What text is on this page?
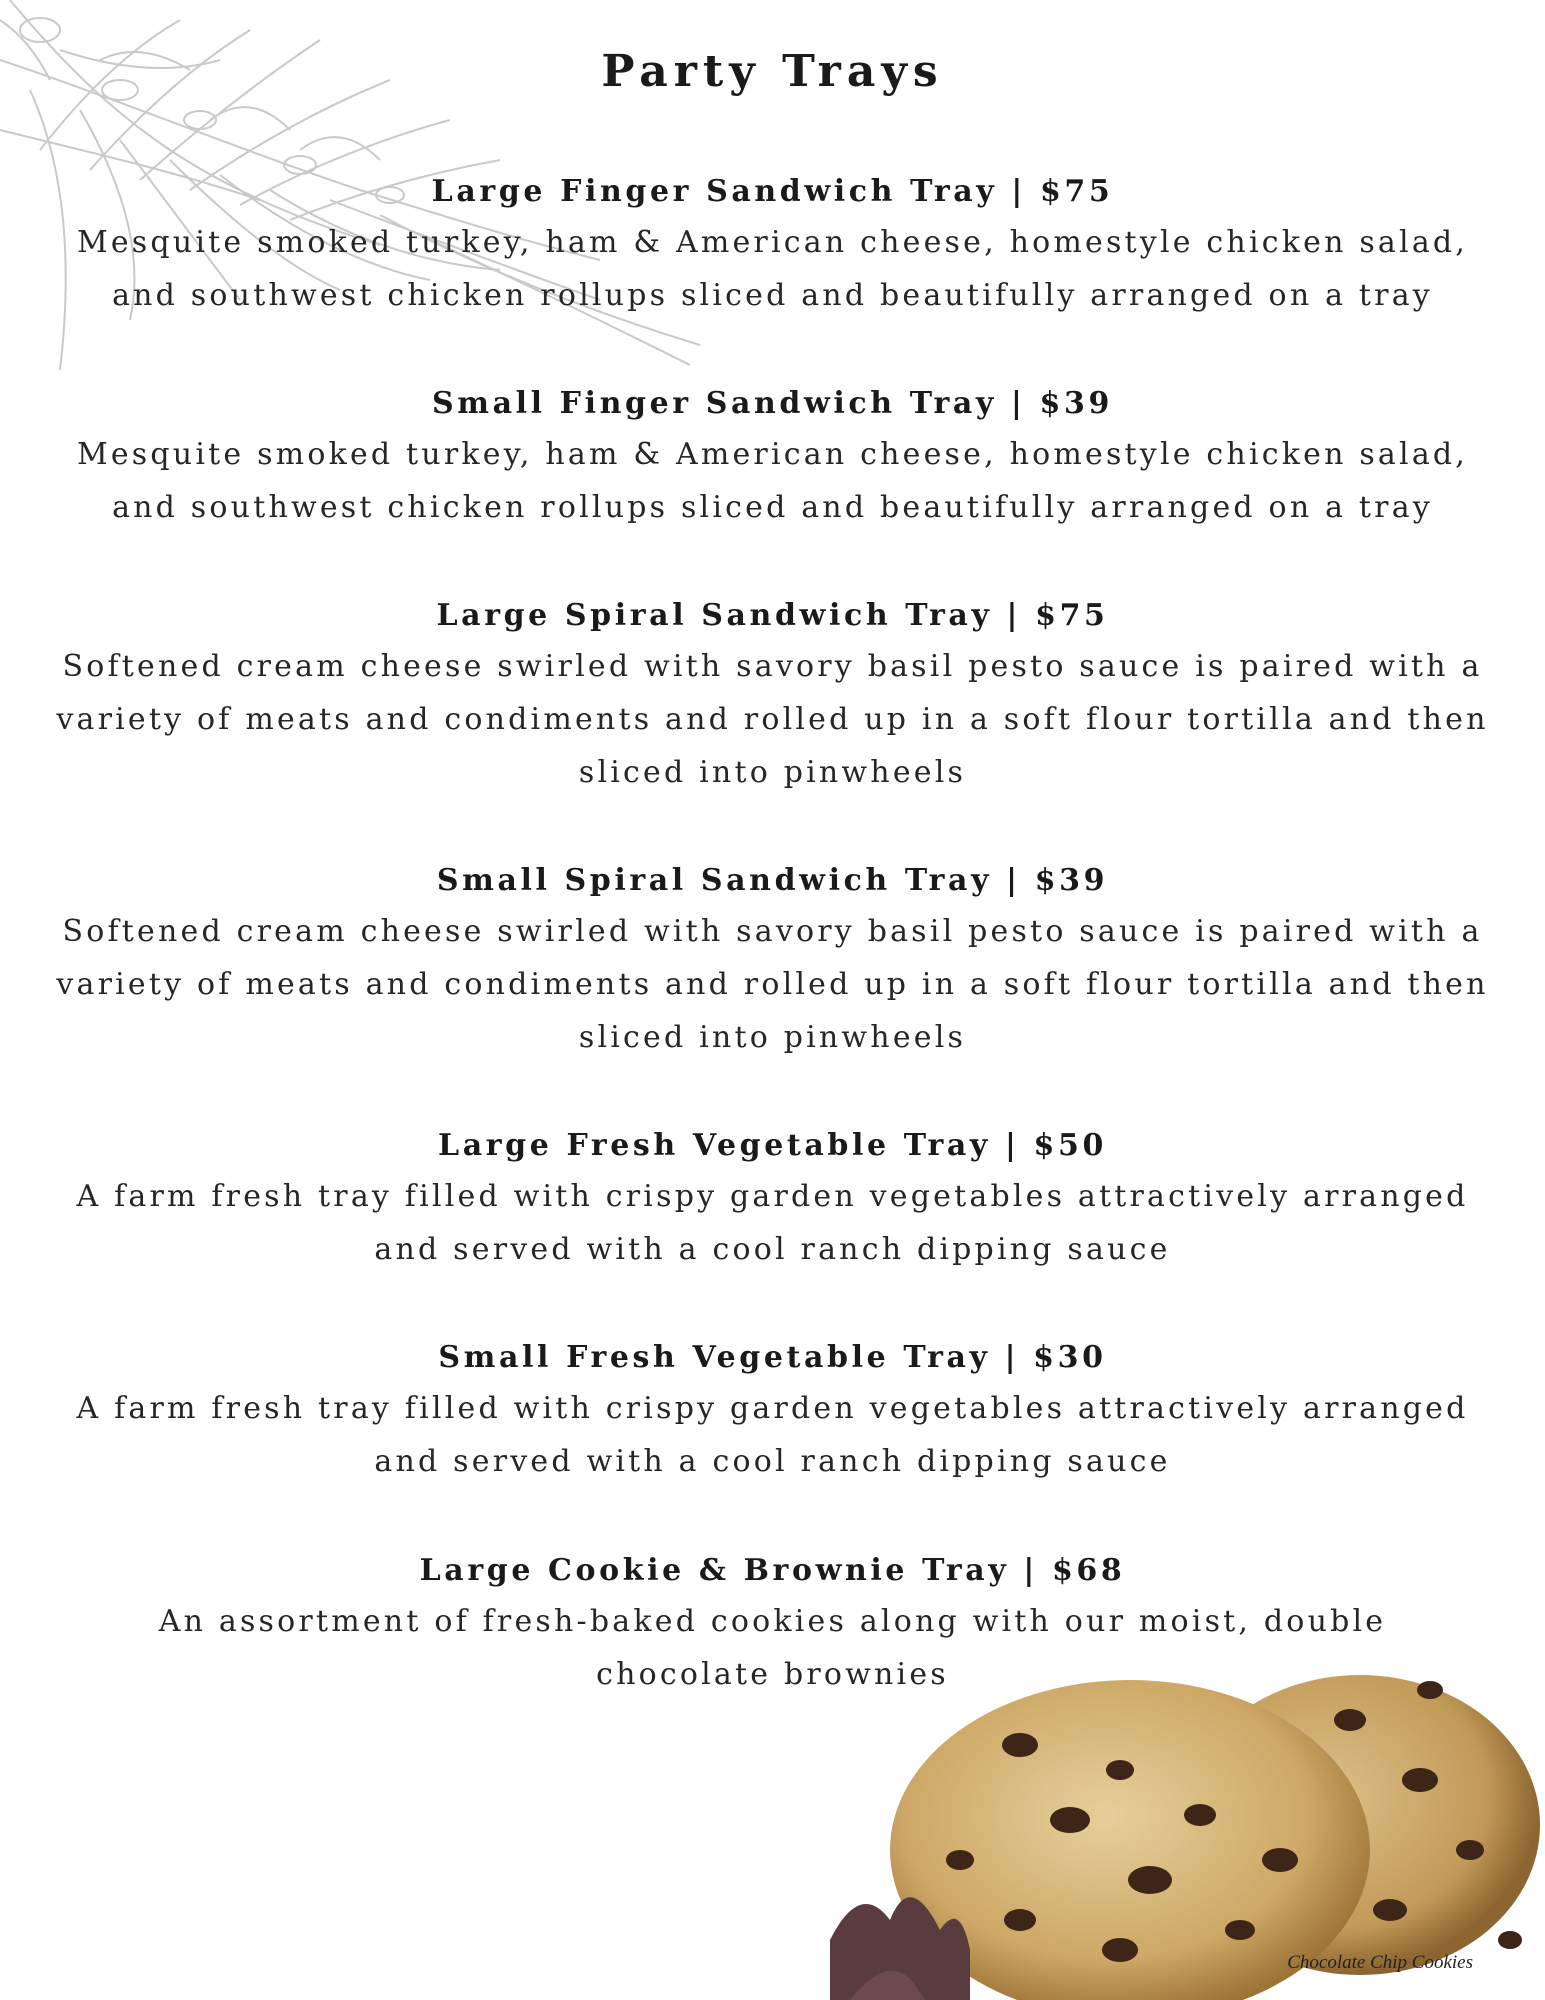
Party Trays

Large Finger Sandwich Tray | $75

Mesquite smoked turkey, ham & American cheese, homestyle chicken salad, and southwest chicken rollups sliced and beautifully arranged on a tray

Small Finger Sandwich Tray | $39

Mesquite smoked turkey, ham & American cheese, homestyle chicken salad, and southwest chicken rollups sliced and beautifully arranged on a tray

Large Spiral Sandwich Tray | $75

Softened cream cheese swirled with savory basil pesto sauce is paired with a variety of meats and condiments and rolled up in a soft flour tortilla and then sliced into pinwheels

Small Spiral Sandwich Tray | $39

Softened cream cheese swirled with savory basil pesto sauce is paired with a variety of meats and condiments and rolled up in a soft flour tortilla and then sliced into pinwheels

Large Fresh Vegetable Tray | $50

A farm fresh tray filled with crispy garden vegetables attractively arranged and served with a cool ranch dipping sauce

Small Fresh Vegetable Tray | $30

A farm fresh tray filled with crispy garden vegetables attractively arranged and served with a cool ranch dipping sauce

Large Cookie & Brownie Tray | $68

An assortment of fresh-baked cookies along with our moist, double chocolate brownies

Chocolate Chip Cookies
